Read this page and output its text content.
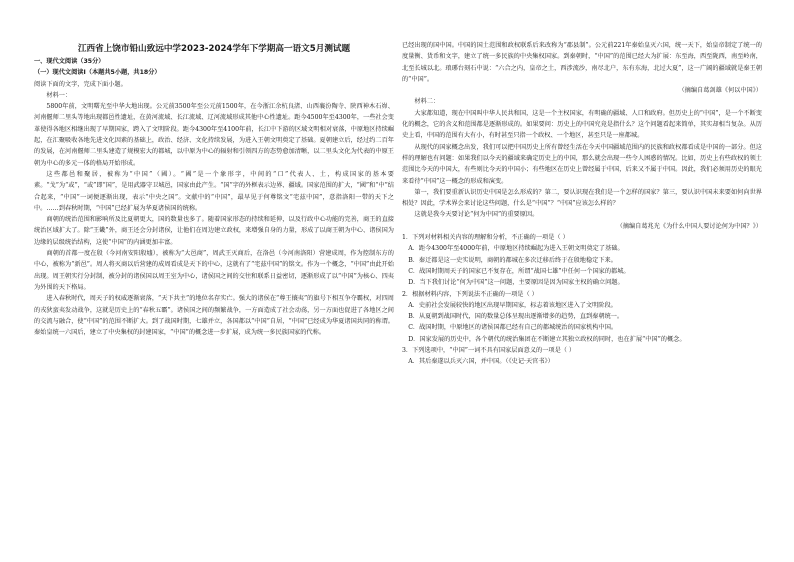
江西省上饶市铅山致远中学2023-2024学年下学期高一语文5月测试题

一、现代文阅读（35分）

（一）现代文阅读Ⅰ（本题共5小题，共18分）

阅读下面的文字，完成下面小题。

材料一：

5800年前，文明曙光至中华大地出现。公元前3500年至公元前1500年，在今浙江余杭良渚、山西襄汾陶寺、陕西神木石峁、河南偃师二里头等地出现都邑性遗址，在黄河流域、长江流域、辽河流域形成其他中心性遗址。距今4500年至4300年，一些社会变革使得各地区相继出现了早期国家，跨入了文明阶段。距今4300年至4100年前，长江中下游的区域文明相对衰落，中原地区持续崛起，在汇聚吸收各地先进文化因素的基础上，政治、经济、文化持续发展，为进入王朝文明奠定了基础。夏朝建立后，经过约二百年的发展，在河南偃师二里头建造了规模宏大的都城，以中原为中心的辐射和引领四方的态势愈加清晰，以二里头文化为代表的中原王朝为中心的多元一体的格局开始形成。

这些都邑和聚居，被称为“中国”（國）。“國”是一个象形字，中间的“口”代表人、土，构成国家的基本要素。“戈”为“或”，“或”即“国”，是用武器守卫城邑，国家由此产生。“国”字的外框表示边界、疆域。国家范围的扩大，“國”和“中”结合起来，“中国”一词便逐渐出现，表示“中央之国”。文献中的“中国”，最早见于何尊铭文“宅兹中国”，意指洛阳一带的天下之中。……到春秋时期，“中国”已经扩展为华夏诸侯国的统称。

商朝的统治范围和影响所及比夏朝更大，国的数量也多了。随着国家形态的持续和延伸，以及行政中心功能的完善，商王的直接统治区域扩大了。除“王畿”外，商王还会分封诸侯，让他们在周边建立政权，来增强自身的力量，形成了以商王朝为中心、诸侯国为边缘的层级统治结构，这使“中国”的内涵更加丰富。

商朝的首都一度在殷（今河南安阳殷墟），被称为“大邑商”，周武王灭商后，在洛邑（今河南洛阳）营建成周，作为控制东方的中心，被称为“新邑”。周人将灭商以后营建的成周看成是天下的中心，这就有了“宅兹中国”的铭文。作为一个概念，“中国”由此开始出现。周王朝实行分封制，被分封的诸侯国以周王室为中心，诸侯国之间的交往和联系日益密切，逐渐形成了以“中国”为核心、四夷为外围的天下格局。

进入春秋时代，周天子的权威逐渐衰落，“天下共主”的地位名存实亡。强大的诸侯在“尊王攘夷”的旗号下相互争夺霸权，对四周的戎狄蛮夷发动战争，这就是历史上的“春秋五霸”。诸侯国之间的频繁战争，一方面造成了社会动荡，另一方面也促进了各地区之间的交流与融合，使“中国”的范围不断扩大。到了战国时期，七雄并立，各国都以“中国”自居，“中国”已经成为华夏诸国共同的称谓。秦始皇统一六国后，建立了中央集权的封建国家，“中国”的概念进一步扩展，成为统一多民族国家的代称。

已经出现的国中国。中国的国土范围和政权联系后来改称为“郡县制”。公元前221年秦始皇灭六国，统一天下，始皇帝制定了统一的度量衡、货币和文字，建立了统一多民族的中央集权国家。到秦朝时，“中国”的范围已经大为扩展：东至海，西至陇西，南至岭南，北至长城以北。琅琊台刻石中说：“六合之内，皇帝之土，西涉流沙，南尽北户，东有东海，北过大夏”，这一广阔的疆域就是秦王朝的“中国”。

（摘编自葛剑雄《何以中国》）

材料二：

大家都知道，现在中国叫中华人民共和国，这是一个主权国家，有明确的疆域、人口和政府。但历史上的“中国”，是一个不断变化的概念，它的含义和范围都是逐渐形成的。如果要问：历史上的中国究竟是指什么？这个问题看起来简单，其实却相当复杂。从历史上看，中国的范围有大有小，有时甚至只指一个政权、一个地区，甚至只是一座都城。

从现代的国家概念出发，我们可以把中国历史上所有曾经生活在今天中国疆域范围内的民族和政权都看成是中国的一部分。但这样的理解也有问题：如果我们以今天的疆域来确定历史上的中国，那么就会出现一些令人困惑的情况。比如，历史上有些政权的领土范围比今天的中国大，有些则比今天的中国小；有些地区在历史上曾经属于中国，后来又不属于中国。因此，我们必须用历史的眼光来看待“中国”这一概念的形成和演变。

第一，我们要重新认识历史中国是怎么形成的？第二，要认识现在我们是一个怎样的国家？第三，要认识中国未来要如何向世界相处？因此，学术界会来讨论这些问题，什么是“中国”？“中国”应该怎么样的？

这就是我今天要讨论“何为中国”的重要原因。

（摘编自葛兆光《为什么中国人要讨论何为中国？》）

1．下列对材料相关内容的理解和分析，不正确的一项是（ ）

A．距今4300年至4000年前，中原地区持续崛起为进入王朝文明奠定了基础。

B．秦迁都是这一史实说明，商朝的都城在多次迁移后终于在殷地稳定下来。

C．战国时期周天子的国家已不复存在，所谓“战国七雄”中任何一个国家的都城。

D．当下我们讨论“何为中国”这一问题，主要原因是因为国家主权的确立问题。

2．根据材料内容，下列说法不正确的一项是（ ）

A．史前社会发展较快的地区出现早期国家，标志着该地区进入了文明阶段。

B．从夏朝到战国时代，国的数量总体呈现出逐渐增多的趋势，直到秦朝统一。

C．战国时期，中原地区的诸侯国都已经有自己的都城统治的国家机构中国。

D．国家发展的历史中，各个朝代的统治集团在不断建立其独立政权的同时，也在扩展“中国”的概念。

3．下列选项中，“中国”一词不具有国家层面意义的一项是（ ）

A．其后秦遂以兵灭六国，并中国。（《史记·天官书》）
